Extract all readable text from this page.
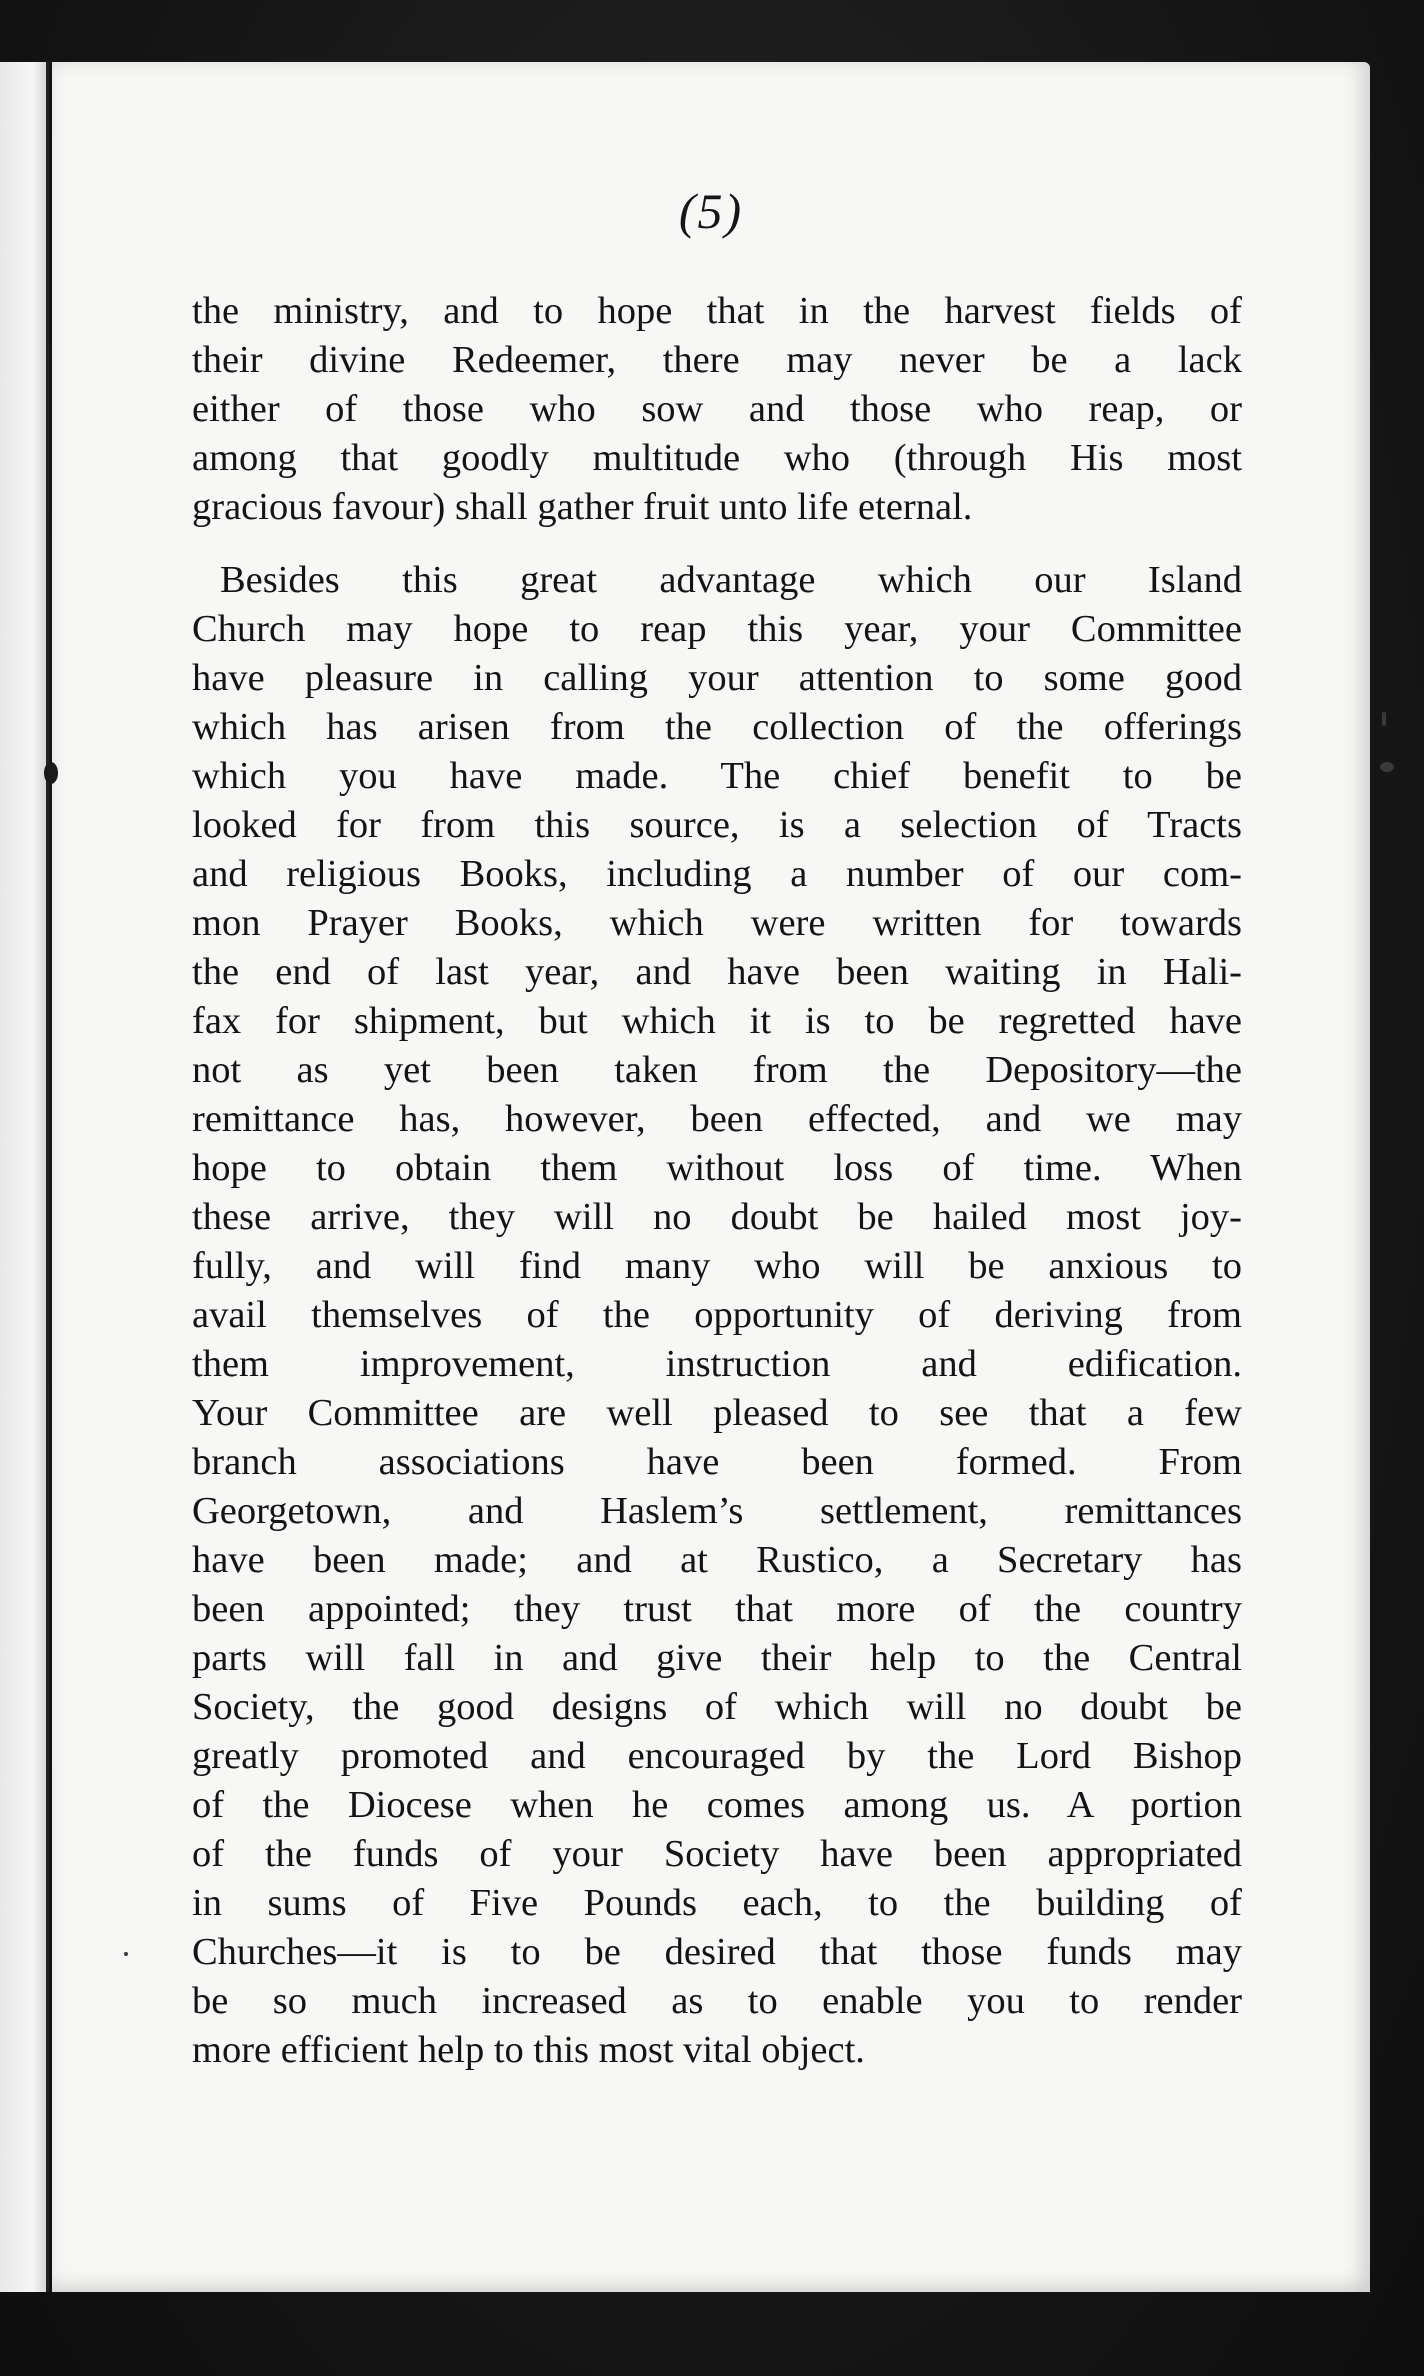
(5)
the ministry, and to hope that in the harvest fields of
their divine Redeemer, there may never be a lack
either of those who sow and those who reap, or
among that goodly multitude who (through His most
gracious favour) shall gather fruit unto life eternal.
Besides this great advantage which our Island
Church may hope to reap this year, your Committee
have pleasure in calling your attention to some good
which has arisen from the collection of the offerings
which you have made. The chief benefit to be
looked for from this source, is a selection of Tracts
and religious Books, including a number of our com-
mon Prayer Books, which were written for towards
the end of last year, and have been waiting in Hali-
fax for shipment, but which it is to be regretted have
not as yet been taken from the Depository—the
remittance has, however, been effected, and we may
hope to obtain them without loss of time. When
these arrive, they will no doubt be hailed most joy-
fully, and will find many who will be anxious to
avail themselves of the opportunity of deriving from
them improvement, instruction and edification.
Your Committee are well pleased to see that a few
branch associations have been formed. From
Georgetown, and Haslem’s settlement, remittances
have been made; and at Rustico, a Secretary has
been appointed; they trust that more of the country
parts will fall in and give their help to the Central
Society, the good designs of which will no doubt be
greatly promoted and encouraged by the Lord Bishop
of the Diocese when he comes among us. A portion
of the funds of your Society have been appropriated
in sums of Five Pounds each, to the building of
Churches—it is to be desired that those funds may
be so much increased as to enable you to render
more efficient help to this most vital object.
